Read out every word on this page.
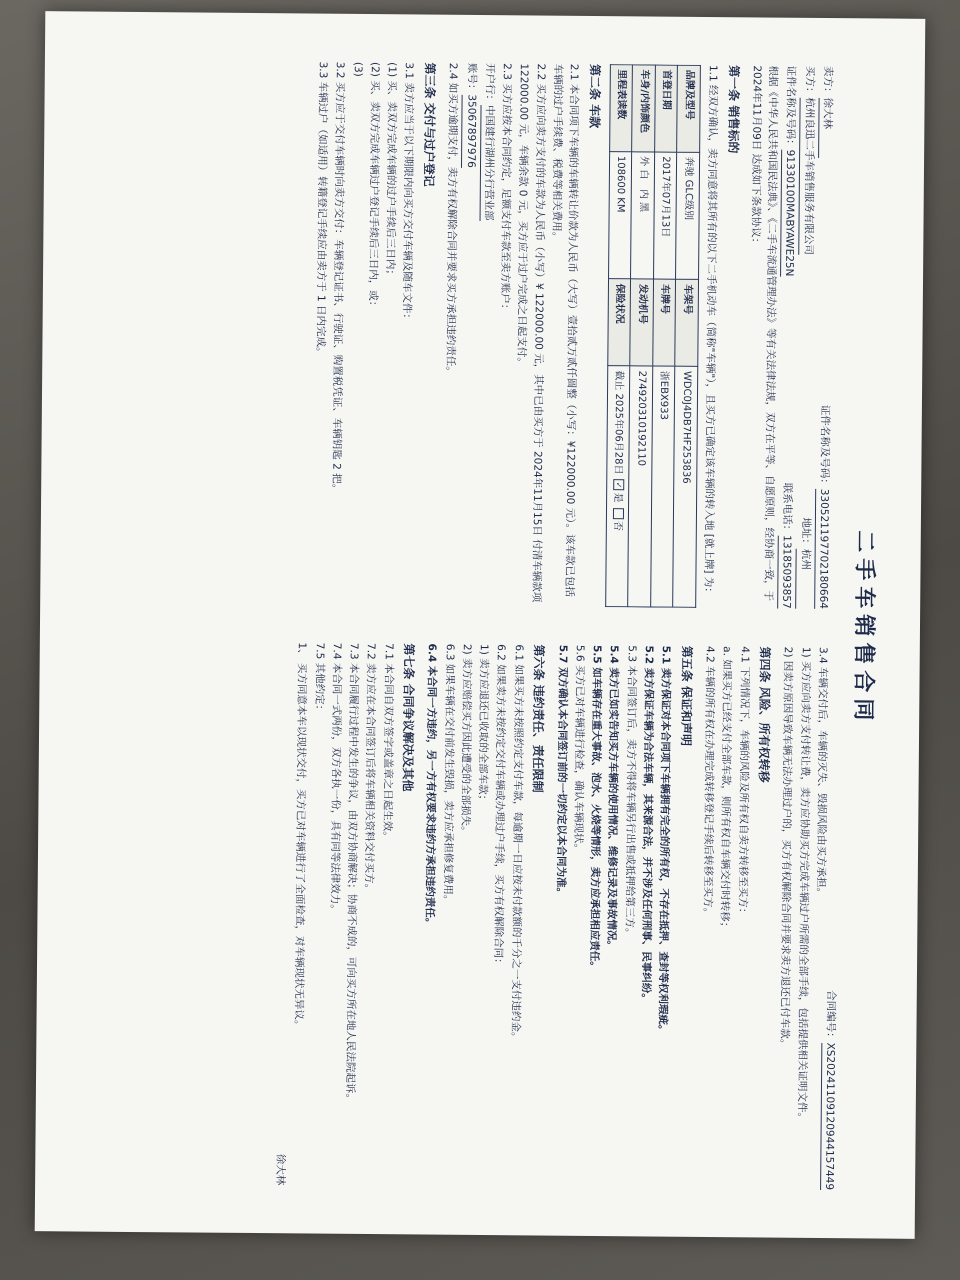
二手车销售合同
合同编号：XS20241109120944157449
卖方：徐大林
证件名称及号码：330521197702180664
买方：杭州良迅二手车销售服务有限公司
地址：杭州
证件名称及号码：91330100MABYAWE25N
联系电话：13185093857
根据《中华人民共和国民法典》、《二手车流通管理办法》等有关法律法规，双方在平等、自愿原则，经协商一致，于 2024年11月09日 达成如下条款协议：
第一条 销售标的
1.1 经双方确认，卖方同意将其所有的以下二手机动车（简称"车辆"），且买方已确定该车辆的转入地 [就上牌] 为：
品牌及型号	奔驰 GLC级别	车架号	WDC0J4DB7HF253836
首登日期	2017年07月13日	车牌号	浙EBX933
车身/内饰颜色	外 白   内 黑	发动机号	274920310192110
里程表读数	108600 KM	保险状况	截止 2025年06月28日 ✓是 否
第二条 车款
2.1 本合同项下车辆的车辆转让价款为人民币（大写）壹拾贰万贰仟圆整（小写：¥122000.00 元）。该车款已包括车辆的过户手续费、税费等相关费用。
2.2 买方应向卖方支付的车款为人民币（小写）¥ 122000.00 元，其中已由买方于 2024年11月15日 付清车辆款项 122000.00 元，车辆余款 0 元，买方应于过户完成之日起支付。
2.3 买方应按本合同约定，足额支付车款至卖方账户：
开户行：中国建行湖州分行营业部
账号：35067897976
2.4 如买方逾期支付，卖方有权解除合同并要求买方承担违约责任。
第三条 交付与过户登记
3.1 卖方应当于以下期限内向买方交付车辆及随车文件：
(1) 买、卖双方完成车辆的过户手续后三日内；
(2) 买、卖双方完成车辆过户登记手续后三日内，或：
(3)
3.2 买方应于交付车辆时向卖方交付：车辆登记证书、行驶证、购置税凭证、车辆钥匙 2 把。
3.3 车辆过户（如适用）转籍登记手续应由卖方于 1 日内完成。
3.4 车辆交付后，车辆的灭失、毁损风险由买方承担。
1) 买方应向卖方支付转让费，卖方应协助买方完成车辆过户所需的全部手续，包括提供相关证明文件。
2) 因卖方原因导致车辆无法办理过户的，买方有权解除合同并要求卖方退还已付车款。
第四条 风险、所有权转移
4.1 下列情况下，车辆的风险及所有权自卖方转移至买方：
a. 如果买方已经支付全部车款，则所有权自车辆交付时转移；
4.2 车辆的所有权在办理完成转移登记手续后转移至买方。
第五条 保证和声明
5.1 卖方保证对本合同项下车辆拥有完全的所有权，不存在抵押、查封等权利瑕疵。
5.2 卖方保证车辆为合法车辆，其来源合法，并不涉及任何刑事、民事纠纷。
5.3 本合同签订后，卖方不得将车辆另行出售或抵押给第三方。
5.4 卖方已如实告知买方车辆的使用情况、维修记录及事故情况。
5.5 如车辆存在重大事故、泡水、火烧等情形，卖方应承担相应责任。
5.6 买方已对车辆进行检查，确认车辆现状。
5.7 双方确认本合同签订前的一切约定以本合同为准。
第六条 违约责任、责任限制
6.1 如果买方未按照约定支付车款，每逾期一日应按未付款额的千分之一支付违约金。
6.2 如果卖方未按约定交付车辆或办理过户手续，买方有权解除合同：
1) 卖方应退还已收取的全部车款；
2) 卖方应赔偿买方因此遭受的全部损失。
6.3 如果车辆在交付前发生毁损，卖方应承担修复费用。
6.4 本合同一方违约，另一方有权要求违约方承担违约责任。
第七条 合同争议解决及其他
7.1 本合同自双方签字或盖章之日起生效。
7.2 卖方应在本合同签订后将车辆相关资料交付买方。
7.3 本合同履行过程中发生的争议，由双方协商解决；协商不成的，可向买方所在地人民法院起诉。
7.4 本合同一式两份，双方各执一份，具有同等法律效力。
7.5 其他约定：
1、 买方同意本车以现状交付，买方已对车辆进行了全面检查，对车辆现状无异议。
徐大林
